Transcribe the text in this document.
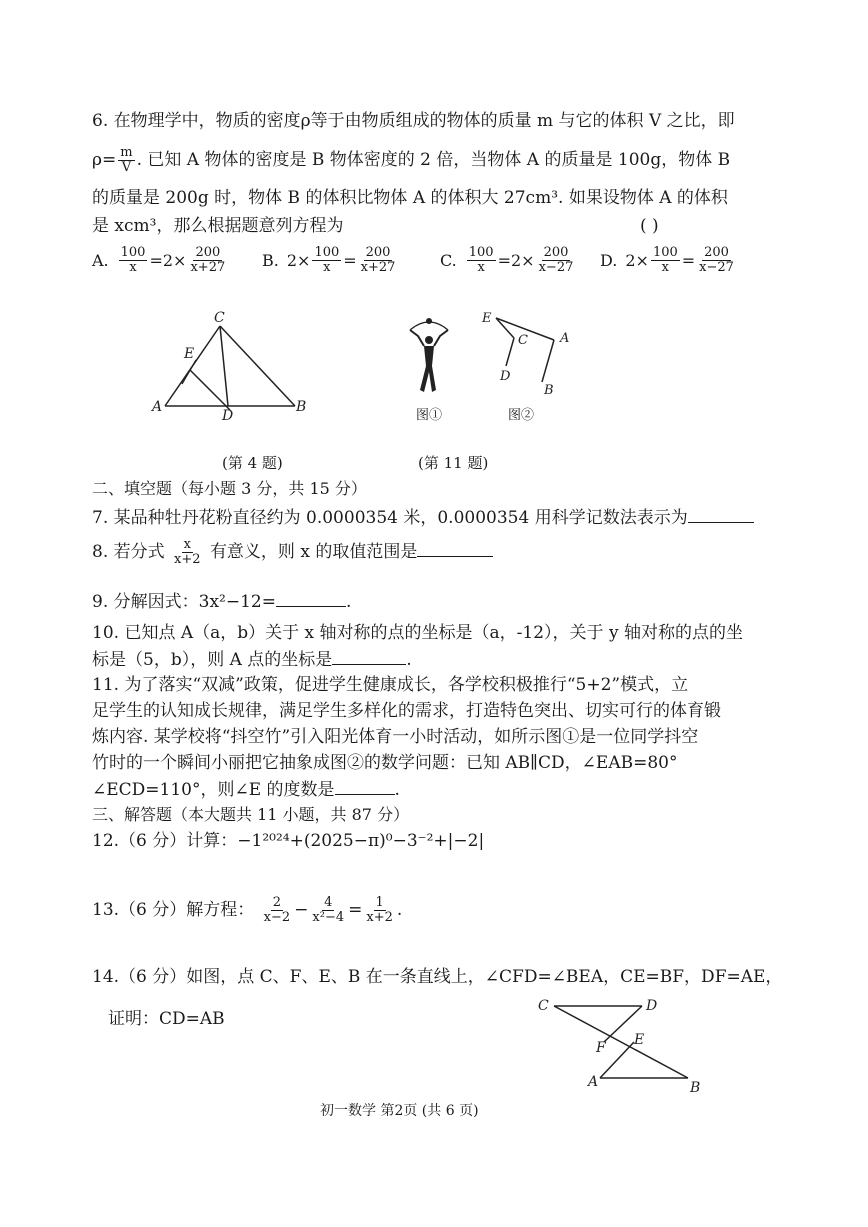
6. 在物理学中，物质的密度ρ等于由物质组成的物体的质量 m 与它的体积 V 之比，即
$\rho= \frac{m}{V}$ . 已知 A 物体的密度是 B 物体密度的 2 倍，当物体 A 的质量是 100g，物体 B
的质量是 200g 时，物体 B 的体积比物体 A 的体积大 27cm³. 如果设物体 A 的体积
是 xcm³，那么根据题意列方程为	( )
A. $\frac{100}{x} =2\times \frac{200}{x+27} B$. $2\times \frac{100}{x} = \frac{200}{x+27}$	C. $\frac{100}{x} =2\times \frac{200}{x-27} D$. $2\times \frac{100}{x} = \frac{200}{x-27}$
C
E
A
D
B
(第 4 题)
图①
E
C A
D
B
图②
(第 11 题)
二、填空题（每小题 3 分，共 15 分）
7. 某品种牡丹花粉直径约为 0.0000354 米，0.0000354 用科学记数法表示为
8. 若分式 $\frac{x}{x+2}$ 有意义，则 x 的取值范围是
9. 分解因式：3x²−12=	.
10. 已知点 A（a，b）关于 x 轴对称的点的坐标是（a，-12），关于 y 轴对称的点的坐
标是（5，b），则 A 点的坐标是	.
11. 为了落实“双减”政策，促进学生健康成长，各学校积极推行“5+2”模式，立
足学生的认知成长规律，满足学生多样化的需求，打造特色突出、切实可行的体育锻
炼内容. 某学校将“抖空竹”引入阳光体育一小时活动，如所示图①是一位同学抖空
竹时的一个瞬间小丽把它抽象成图②的数学问题：已知 AB∥CD，∠EAB=80°
∠ECD=110°，则∠E 的度数是	.
三、解答题（本大题共 11 小题，共 87 分）
12.（6 分）计算：−1²⁰²⁴+(2025−π)⁰−3⁻²+|−2|
13.（6 分）解方程： $\frac{2}{x-2} - \frac{4}{\text{x²−4}} = \frac{1}{x+2}$ .
14.（6 分）如图，点 C、F、E、B 在一条直线上，∠CFD=∠BEA，CE=BF，DF=AE，
证明：CD=AB
C	D
F E
A	B
初一数学 第2页 (共 6 页)
